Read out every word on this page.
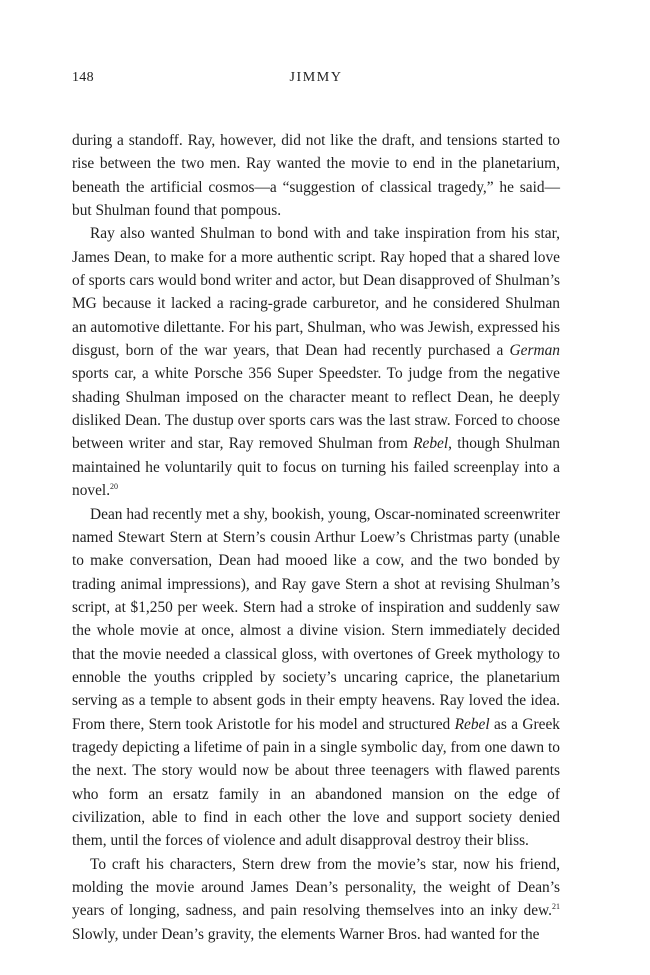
148	JIMMY

during a standoff. Ray, however, did not like the draft, and tensions started to rise between the two men. Ray wanted the movie to end in the planetarium, beneath the artificial cosmos—a “suggestion of classical tragedy,” he said—but Shulman found that pompous.

Ray also wanted Shulman to bond with and take inspiration from his star, James Dean, to make for a more authentic script. Ray hoped that a shared love of sports cars would bond writer and actor, but Dean disapproved of Shulman’s MG because it lacked a racing-grade carburetor, and he considered Shulman an automotive dilettante. For his part, Shulman, who was Jewish, expressed his disgust, born of the war years, that Dean had recently purchased a German sports car, a white Porsche 356 Super Speedster. To judge from the negative shading Shulman imposed on the character meant to reflect Dean, he deeply disliked Dean. The dustup over sports cars was the last straw. Forced to choose between writer and star, Ray removed Shulman from Rebel, though Shulman maintained he voluntarily quit to focus on turning his failed screenplay into a novel.$^{20}$

Dean had recently met a shy, bookish, young, Oscar-nominated screenwriter named Stewart Stern at Stern’s cousin Arthur Loew’s Christmas party (unable to make conversation, Dean had mooed like a cow, and the two bonded by trading animal impressions), and Ray gave Stern a shot at revising Shulman’s script, at $1,250 per week. Stern had a stroke of inspiration and suddenly saw the whole movie at once, almost a divine vision. Stern immediately decided that the movie needed a classical gloss, with overtones of Greek mythology to ennoble the youths crippled by society’s uncaring caprice, the planetarium serving as a temple to absent gods in their empty heavens. Ray loved the idea. From there, Stern took Aristotle for his model and structured Rebel as a Greek tragedy depicting a lifetime of pain in a single symbolic day, from one dawn to the next. The story would now be about three teenagers with flawed parents who form an ersatz family in an abandoned mansion on the edge of civilization, able to find in each other the love and support society denied them, until the forces of violence and adult disapproval destroy their bliss.

To craft his characters, Stern drew from the movie’s star, now his friend, molding the movie around James Dean’s personality, the weight of Dean’s years of longing, sadness, and pain resolving themselves into an inky dew.$^{21}$ Slowly, under Dean’s gravity, the elements Warner Bros. had wanted for the
